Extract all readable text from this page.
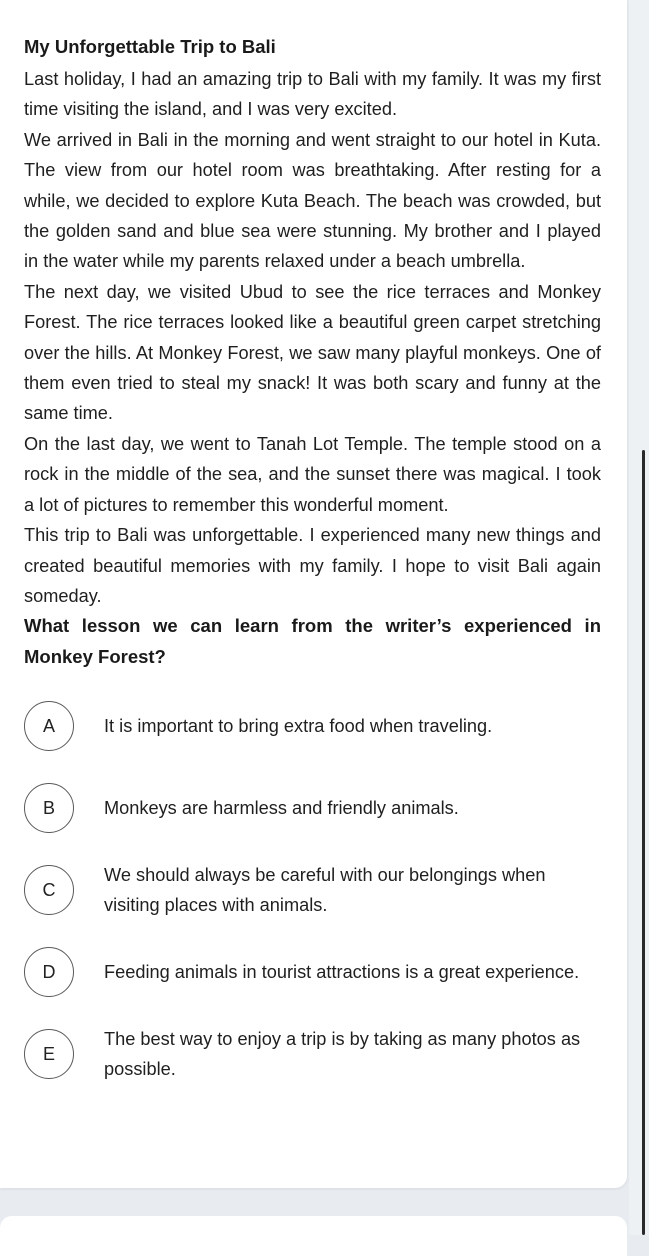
My Unforgettable Trip to Bali

Last holiday, I had an amazing trip to Bali with my family. It was my first time visiting the island, and I was very excited.

We arrived in Bali in the morning and went straight to our hotel in Kuta. The view from our hotel room was breathtaking. After resting for a while, we decided to explore Kuta Beach. The beach was crowded, but the golden sand and blue sea were stunning. My brother and I played in the water while my parents relaxed under a beach umbrella.

The next day, we visited Ubud to see the rice terraces and Monkey Forest. The rice terraces looked like a beautiful green carpet stretching over the hills. At Monkey Forest, we saw many playful monkeys. One of them even tried to steal my snack! It was both scary and funny at the same time.

On the last day, we went to Tanah Lot Temple. The temple stood on a rock in the middle of the sea, and the sunset there was magical. I took a lot of pictures to remember this wonderful moment.

This trip to Bali was unforgettable. I experienced many new things and created beautiful memories with my family. I hope to visit Bali again someday.

What lesson we can learn from the writer’s experienced in Monkey Forest?

A	It is important to bring extra food when traveling.
B	Monkeys are harmless and friendly animals.
C
We should always be careful with our belongings when visiting places with animals.
D	Feeding animals in tourist attractions is a great experience.
E
The best way to enjoy a trip is by taking as many photos as possible.
